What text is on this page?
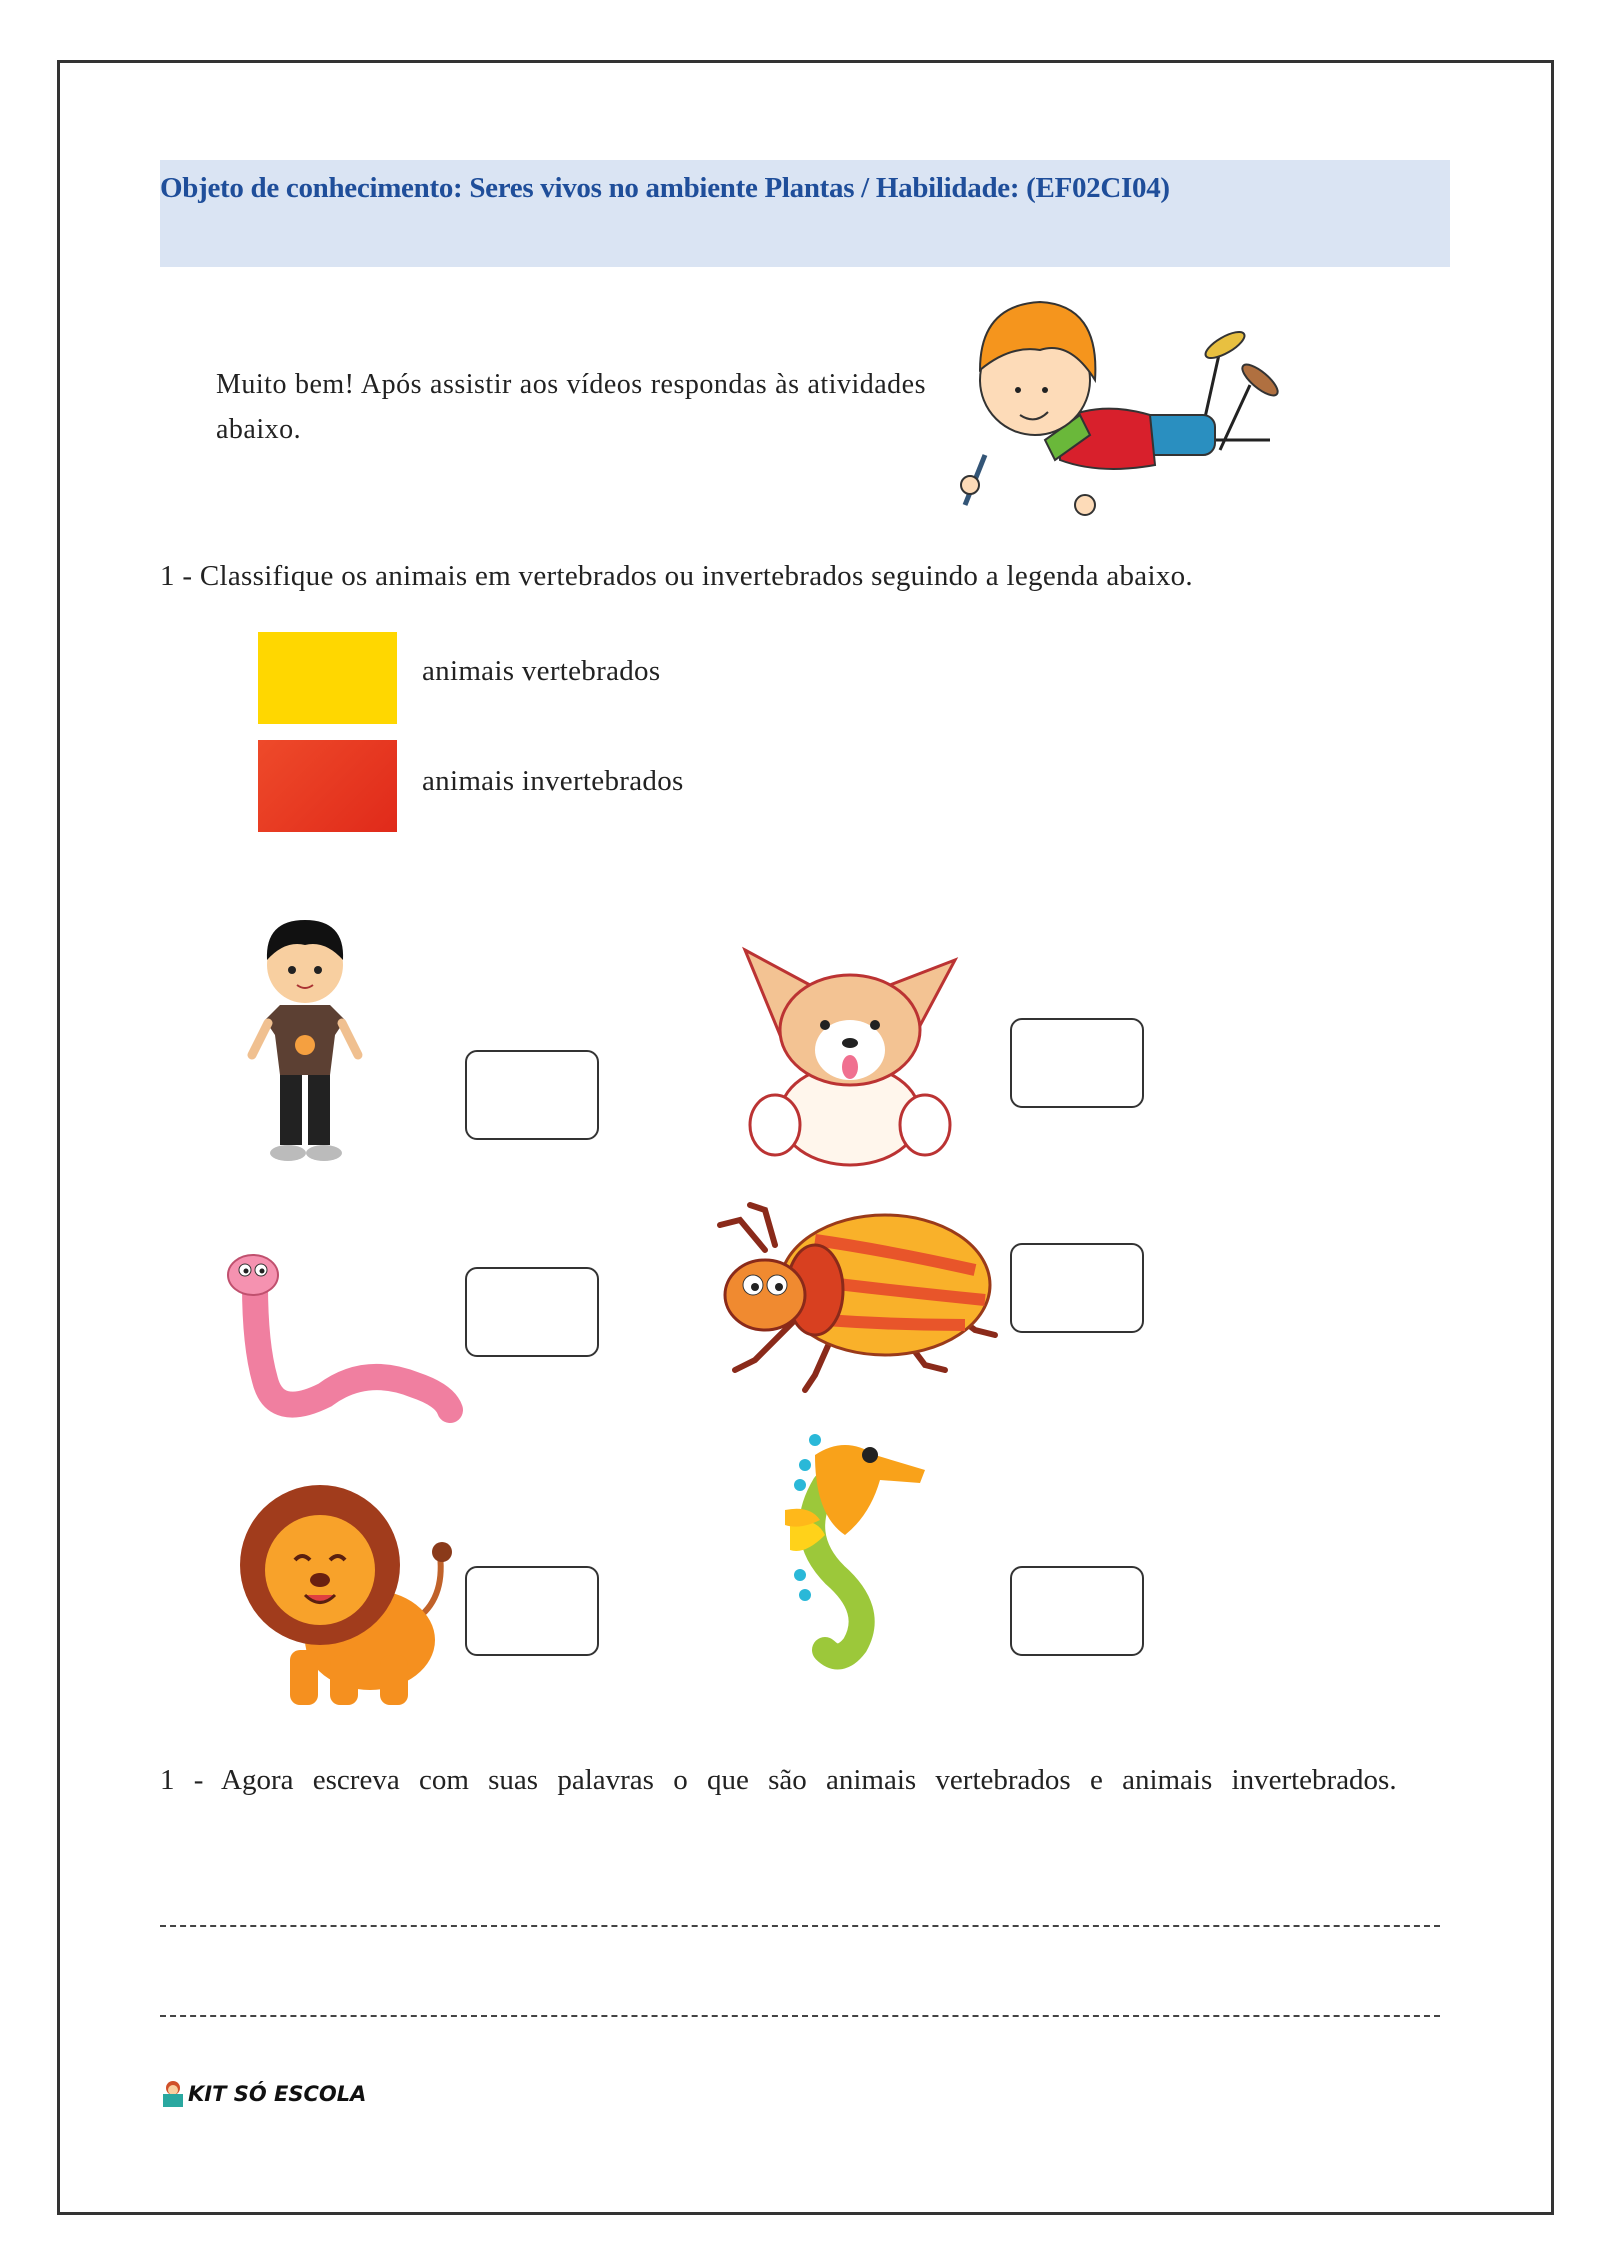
Objeto de conhecimento: Seres vivos no ambiente Plantas / Habilidade: (EF02CI04)
Muito bem! Após assistir aos vídeos respondas às atividades abaixo.
1 - Classifique os animais em vertebrados ou invertebrados seguindo a legenda abaixo.
animais vertebrados
animais invertebrados
1 - Agora escreva com suas palavras o que são animais vertebrados e animais invertebrados.
KIT SÓ ESCOLA
